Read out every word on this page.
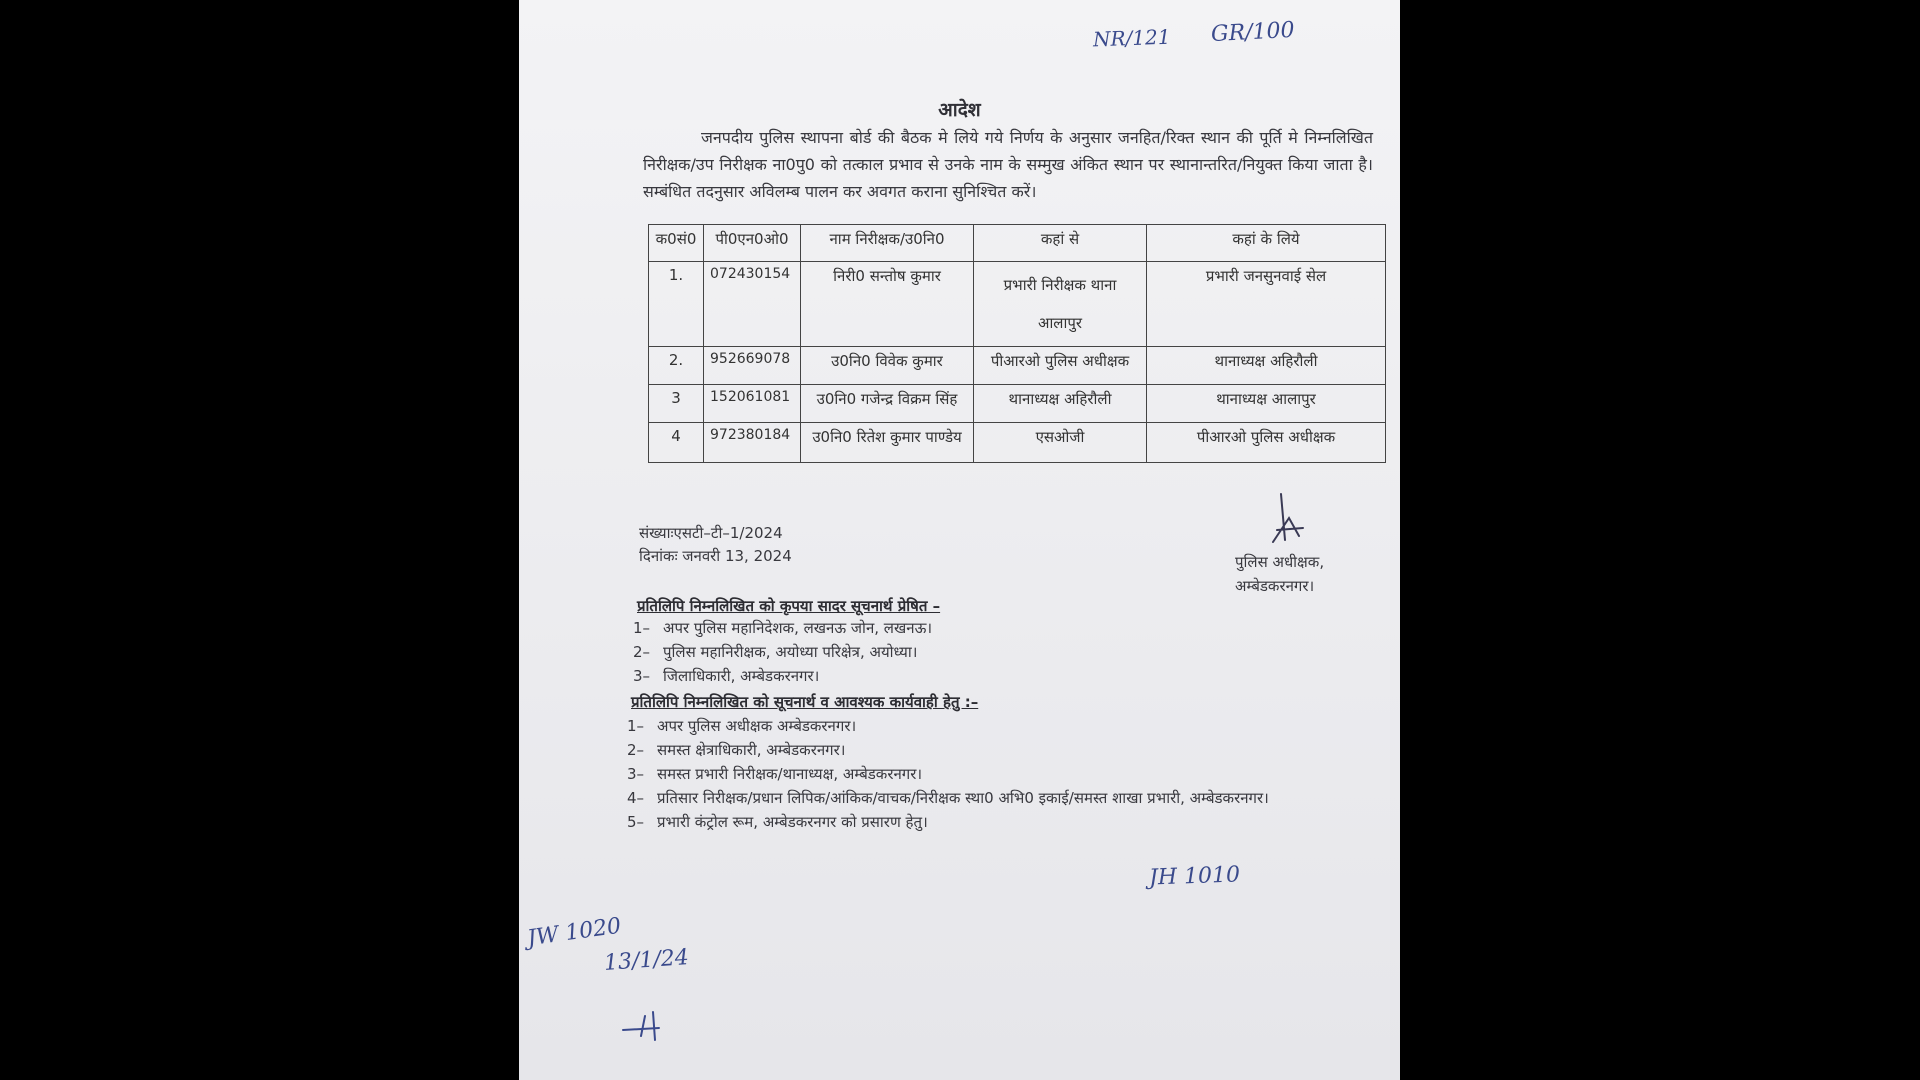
NR/121 GR/100
आदेश
जनपदीय पुलिस स्थापना बोर्ड की बैठक मे लिये गये निर्णय के अनुसार जनहित/रिक्त स्थान की पूर्ति मे निम्नलिखित निरीक्षक/उप निरीक्षक ना0पु0 को तत्काल प्रभाव से उनके नाम के सम्मुख अंकित स्थान पर स्थानान्तरित/नियुक्त किया जाता है। सम्बंधित तदनुसार अविलम्ब पालन कर अवगत कराना सुनिश्चित करें।
क0सं0	पी0एन0ओ0	नाम निरीक्षक/उ0नि0	कहां से	कहां के लिये
1.	072430154	निरी0 सन्तोष कुमार	प्रभारी निरीक्षक थाना आलापुर	प्रभारी जनसुनवाई सेल
2.	952669078	उ0नि0 विवेक कुमार	पीआरओ पुलिस अधीक्षक	थानाध्यक्ष अहिरौली
3	152061081	उ0नि0 गजेन्द्र विक्रम सिंह	थानाध्यक्ष अहिरौली	थानाध्यक्ष आलापुर
4	972380184	उ0नि0 रितेश कुमार पाण्डेय	एसओजी	पीआरओ पुलिस अधीक्षक
संख्याःएसटी–टी–1/2024
दिनांकः जनवरी 13, 2024	पुलिस अधीक्षक,
अम्बेडकरनगर।
प्रतिलिपि निम्नलिखित को कृपया सादर सूचनार्थ प्रेषित –
1– अपर पुलिस महानिदेशक, लखनऊ जोन, लखनऊ।
2– पुलिस महानिरीक्षक, अयोध्या परिक्षेत्र, अयोध्या।
3– जिलाधिकारी, अम्बेडकरनगर।
प्रतिलिपि निम्नलिखित को सूचनार्थ व आवश्यक कार्यवाही हेतु :–
1– अपर पुलिस अधीक्षक अम्बेडकरनगर।
2– समस्त क्षेत्राधिकारी, अम्बेडकरनगर।
3– समस्त प्रभारी निरीक्षक/थानाध्यक्ष, अम्बेडकरनगर।
4– प्रतिसार निरीक्षक/प्रधान लिपिक/आंकिक/वाचक/निरीक्षक स्था0 अभि0 इकाई/समस्त शाखा प्रभारी, अम्बेडकरनगर।
5– प्रभारी कंट्रोल रूम, अम्बेडकरनगर को प्रसारण हेतु।
JH 1010
JW 1020
13/1/24
